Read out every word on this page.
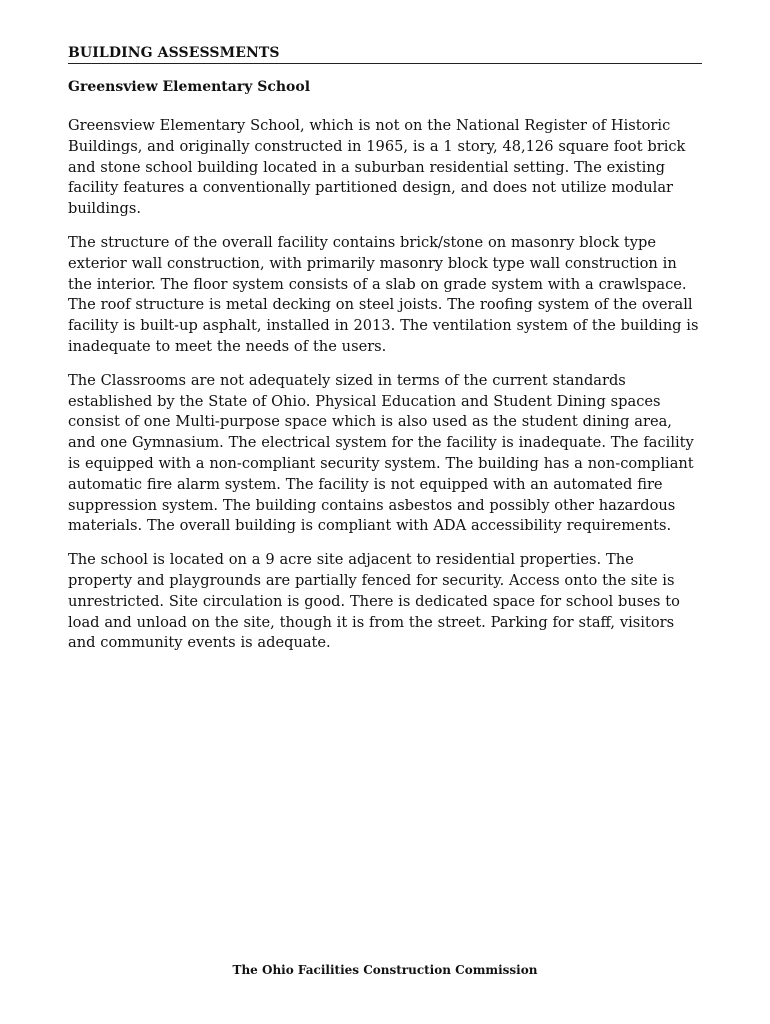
BUILDING ASSESSMENTS
Greensview Elementary School

Greensview Elementary School, which is not on the National Register of Historic Buildings, and originally constructed in 1965, is a 1 story, 48,126 square foot brick and stone school building located in a suburban residential setting. The existing facility features a conventionally partitioned design, and does not utilize modular buildings.

The structure of the overall facility contains brick/stone on masonry block type exterior wall construction, with primarily masonry block type wall construction in the interior. The floor system consists of a slab on grade system with a crawlspace. The roof structure is metal decking on steel joists. The roofing system of the overall facility is built-up asphalt, installed in 2013. The ventilation system of the building is inadequate to meet the needs of the users.

The Classrooms are not adequately sized in terms of the current standards established by the State of Ohio. Physical Education and Student Dining spaces consist of one Multi-purpose space which is also used as the student dining area, and one Gymnasium. The electrical system for the facility is inadequate. The facility is equipped with a non-compliant security system. The building has a non-compliant automatic fire alarm system. The facility is not equipped with an automated fire suppression system. The building contains asbestos and possibly other hazardous materials. The overall building is compliant with ADA accessibility requirements.

The school is located on a 9 acre site adjacent to residential properties. The property and playgrounds are partially fenced for security. Access onto the site is unrestricted. Site circulation is good. There is dedicated space for school buses to load and unload on the site, though it is from the street. Parking for staff, visitors and community events is adequate.

The Ohio Facilities Construction Commission
